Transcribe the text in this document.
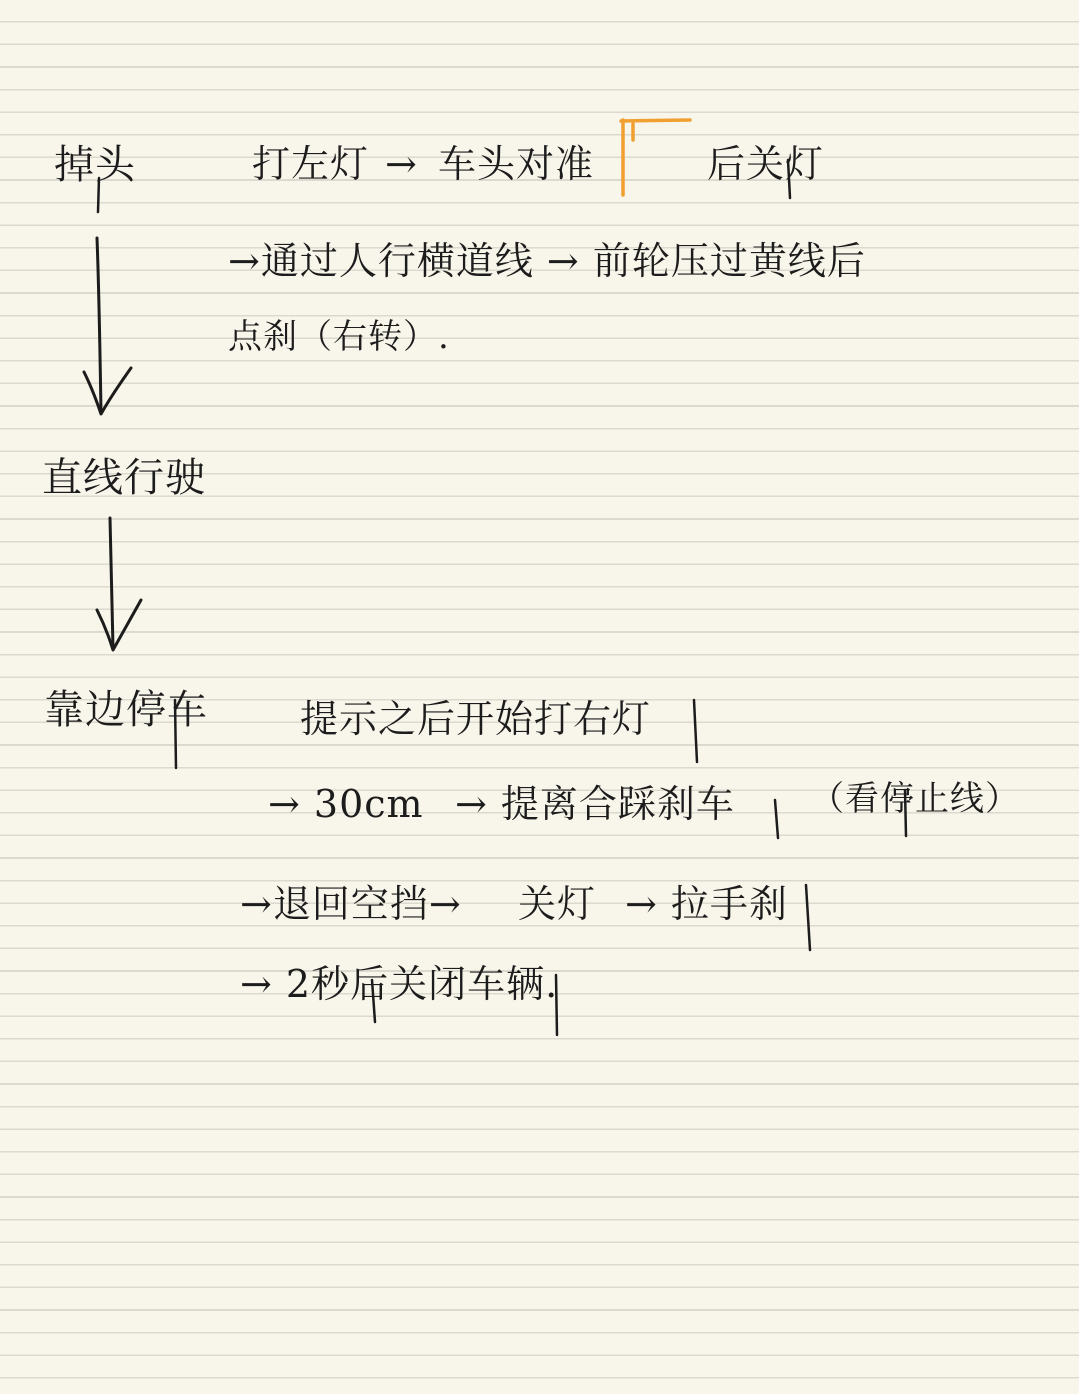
掉头	打左灯 → 车头对准	后关灯
→通过人行横道线 → 前轮压过黄线后
点刹（右转）.
直线行驶
靠边停车 提示之后开始打右灯
→ 30cm → 提离合踩刹车 （看停止线）
→退回空挡→ 关灯 → 拉手刹
→ 2秒后关闭车辆.
